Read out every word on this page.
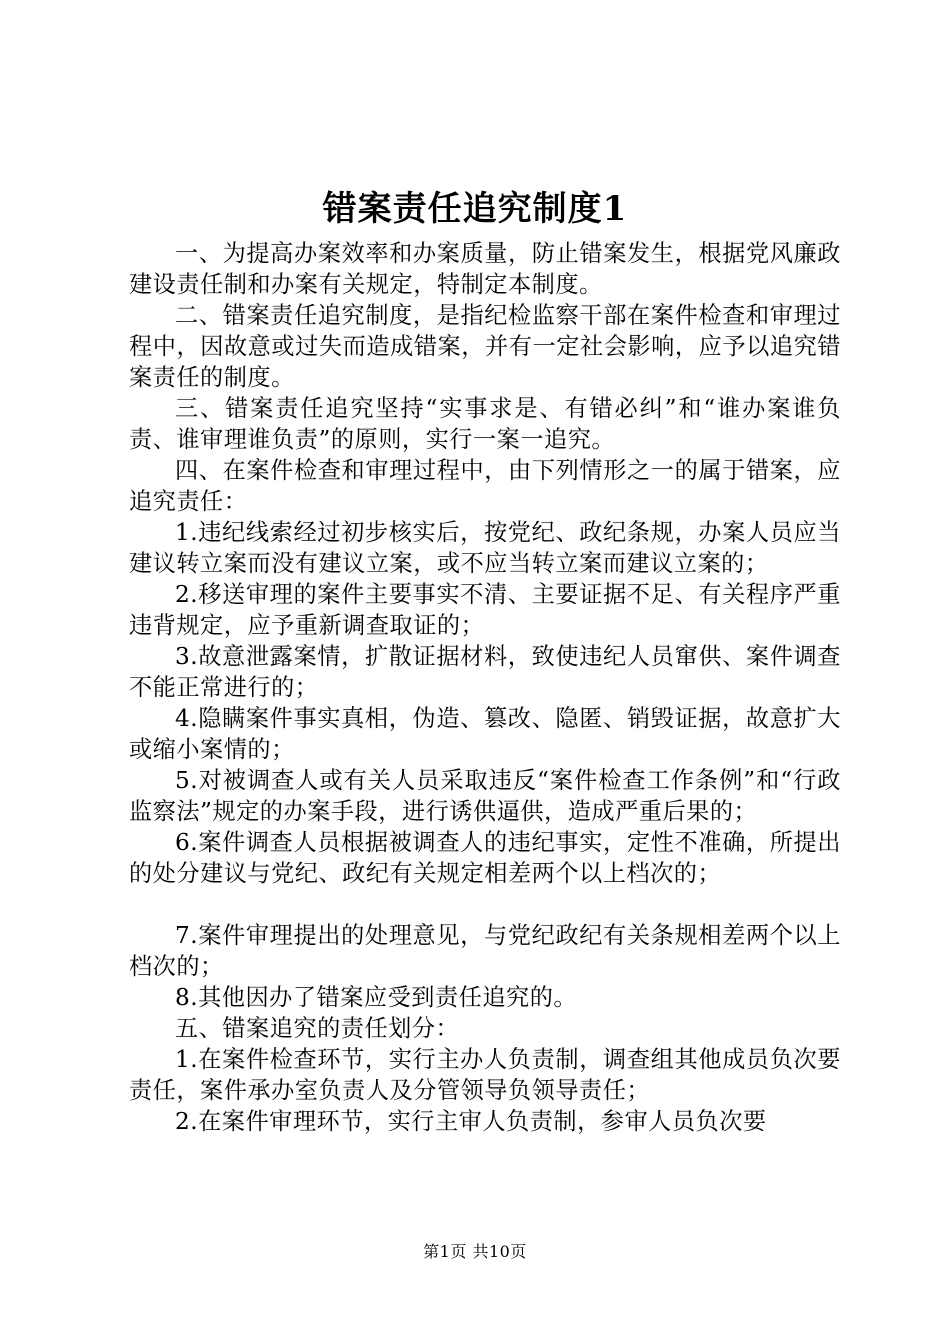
错案责任追究制度1

一、为提高办案效率和办案质量，防止错案发生，根据党风廉政建设责任制和办案有关规定，特制定本制度。

二、错案责任追究制度，是指纪检监察干部在案件检查和审理过程中，因故意或过失而造成错案，并有一定社会影响，应予以追究错案责任的制度。

三、错案责任追究坚持“实事求是、有错必纠”和“谁办案谁负责、谁审理谁负责”的原则，实行一案一追究。

四、在案件检查和审理过程中，由下列情形之一的属于错案，应追究责任：

1.违纪线索经过初步核实后，按党纪、政纪条规，办案人员应当建议转立案而没有建议立案，或不应当转立案而建议立案的；

2.移送审理的案件主要事实不清、主要证据不足、有关程序严重违背规定，应予重新调查取证的；

3.故意泄露案情，扩散证据材料，致使违纪人员窜供、案件调查不能正常进行的；

4.隐瞒案件事实真相，伪造、篡改、隐匿、销毁证据，故意扩大或缩小案情的；

5.对被调查人或有关人员采取违反“案件检查工作条例”和“行政监察法”规定的办案手段，进行诱供逼供，造成严重后果的；

6.案件调查人员根据被调查人的违纪事实，定性不准确，所提出的处分建议与党纪、政纪有关规定相差两个以上档次的；

7.案件审理提出的处理意见，与党纪政纪有关条规相差两个以上档次的；

8.其他因办了错案应受到责任追究的。

五、错案追究的责任划分：

1.在案件检查环节，实行主办人负责制，调查组其他成员负次要责任，案件承办室负责人及分管领导负领导责任；

2.在案件审理环节，实行主审人负责制，参审人员负次要

第1页 共10页
